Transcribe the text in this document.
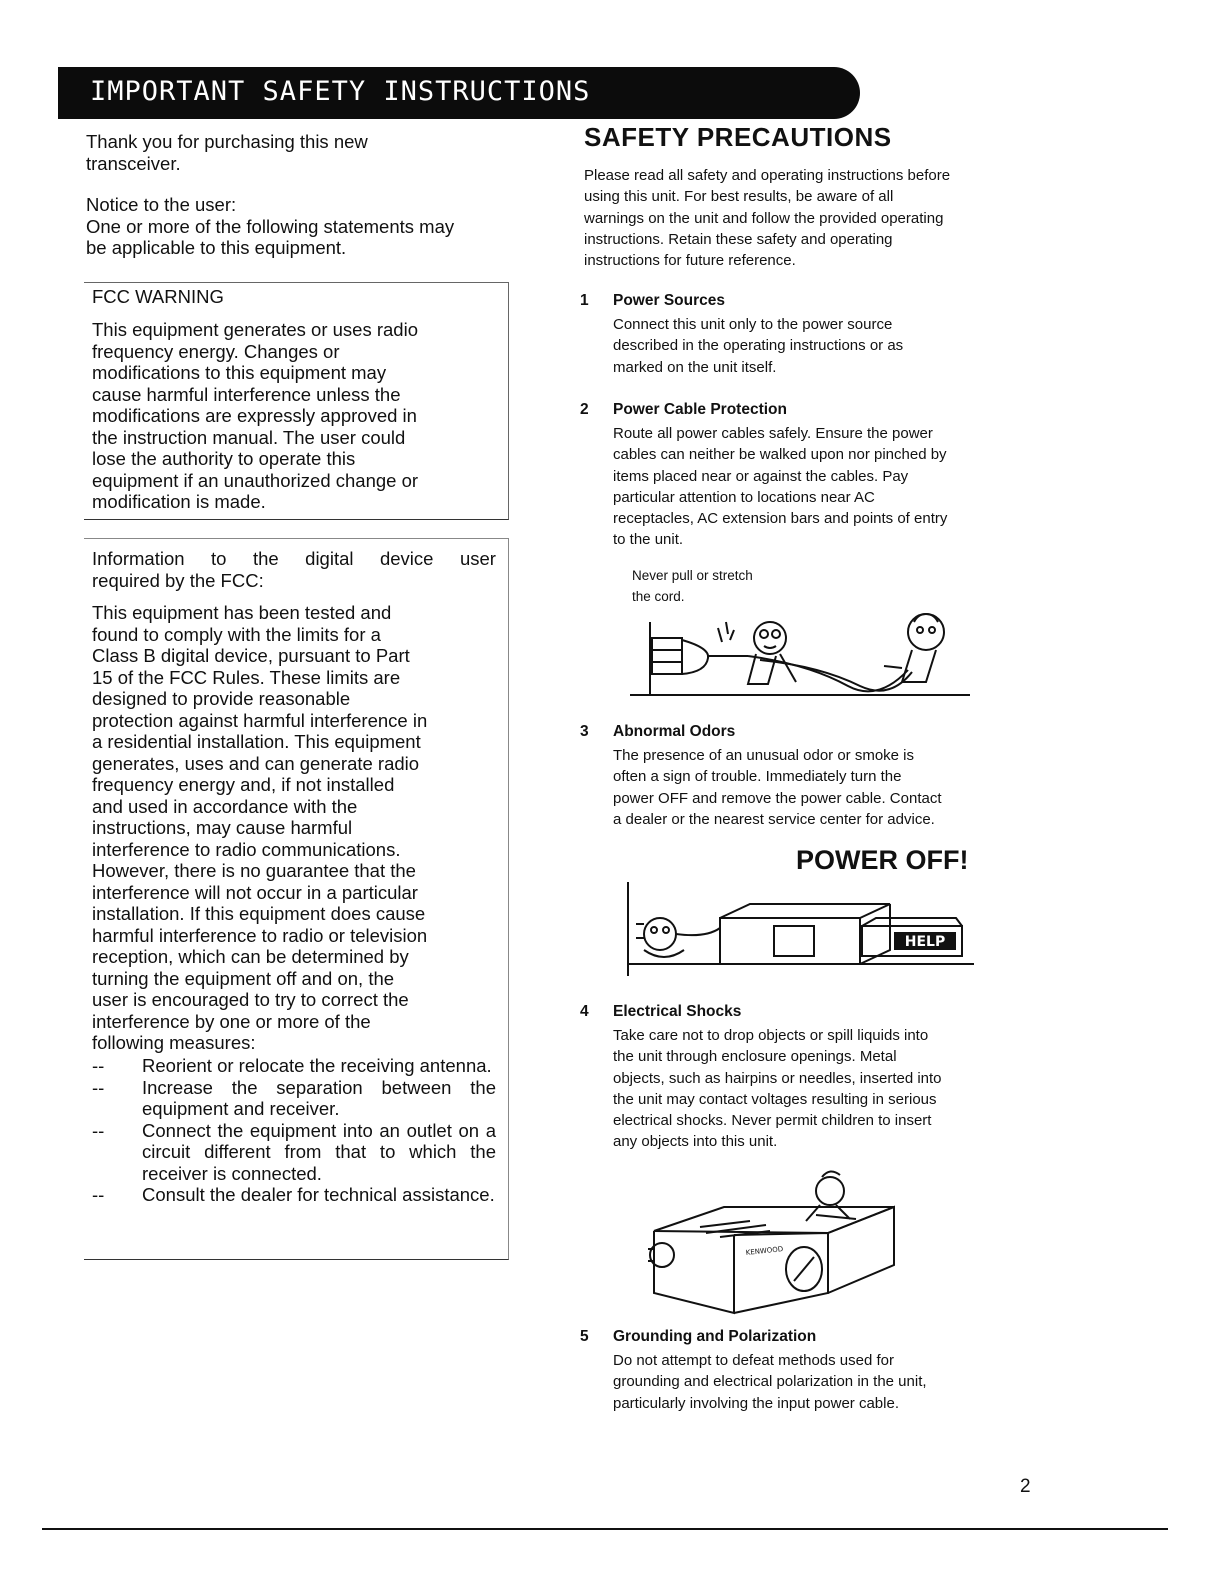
IMPORTANT SAFETY INSTRUCTIONS

Thank you for purchasing this new transceiver.

Notice to the user:

One or more of the following statements may be applicable to this equipment.

FCC WARNING
This equipment generates or uses radio
frequency energy. Changes or
modifications to this equipment may
cause harmful interference unless the
modifications are expressly approved in
the instruction manual. The user could
lose the authority to operate this
equipment if an unauthorized change or
modification is made.
Information to the digital device user
required by the FCC:
This equipment has been tested and
found to comply with the limits for a
Class B digital device, pursuant to Part
15 of the FCC Rules. These limits are
designed to provide reasonable
protection against harmful interference in
a residential installation. This equipment
generates, uses and can generate radio
frequency energy and, if not installed
and used in accordance with the
instructions, may cause harmful
interference to radio communications.
However, there is no guarantee that the
interference will not occur in a particular
installation. If this equipment does cause
harmful interference to radio or television
reception, which can be determined by
turning the equipment off and on, the
user is encouraged to try to correct the
interference by one or more of the
following measures:
--	Reorient or relocate the receiving antenna.
--	Increase the separation between the equipment and receiver.
--	Connect the equipment into an outlet on a circuit different from that to which the receiver is connected.
--	Consult the dealer for technical assistance.
SAFETY PRECAUTIONS
Please read all safety and operating instructions before
using this unit. For best results, be aware of all
warnings on the unit and follow the provided operating
instructions. Retain these safety and operating
instructions for future reference.
1 Power Sources
Connect this unit only to the power source
described in the operating instructions or as
marked on the unit itself.
2 Power Cable Protection
Route all power cables safely. Ensure the power
cables can neither be walked upon nor pinched by
items placed near or against the cables. Pay
particular attention to locations near AC
receptacles, AC extension bars and points of entry
to the unit.
Never pull or stretch
the cord.
3 Abnormal Odors
The presence of an unusual odor or smoke is
often a sign of trouble. Immediately turn the
power OFF and remove the power cable. Contact
a dealer or the nearest service center for advice.
POWER OFF!
HELP
4 Electrical Shocks
Take care not to drop objects or spill liquids into
the unit through enclosure openings. Metal
objects, such as hairpins or needles, inserted into
the unit may contact voltages resulting in serious
electrical shocks. Never permit children to insert
any objects into this unit.
KENWOOD
5 Grounding and Polarization
Do not attempt to defeat methods used for
grounding and electrical polarization in the unit,
particularly involving the input power cable.
2
